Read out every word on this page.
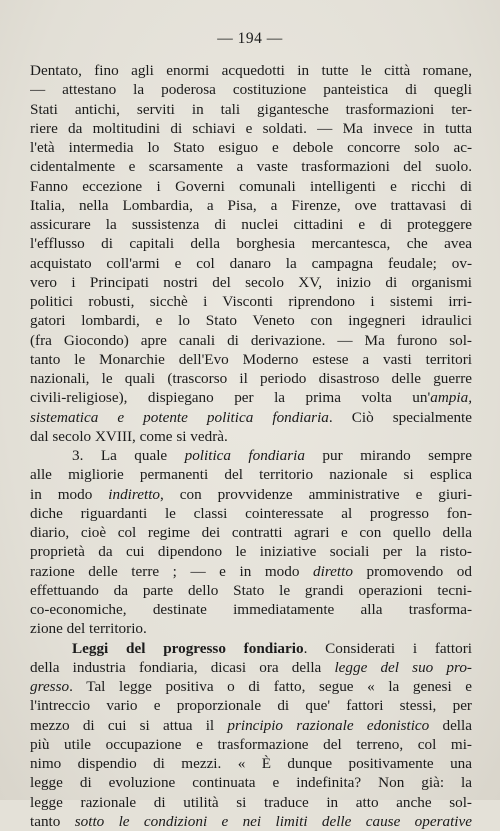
— 194 —
Dentato, fino agli enormi acquedotti in tutte le città romane,
— attestano la poderosa costituzione panteistica di quegli
Stati antichi, serviti in tali gigantesche trasformazioni ter-
riere da moltitudini di schiavi e soldati. — Ma invece in tutta
l'età intermedia lo Stato esiguo e debole concorre solo ac-
cidentalmente e scarsamente a vaste trasformazioni del suolo.
Fanno eccezione i Governi comunali intelligenti e ricchi di
Italia, nella Lombardia, a Pisa, a Firenze, ove trattavasi di
assicurare la sussistenza di nuclei cittadini e di proteggere
l'efflusso di capitali della borghesia mercantesca, che avea
acquistato coll'armi e col danaro la campagna feudale; ov-
vero i Principati nostri del secolo XV, inizio di organismi
politici robusti, sicchè i Visconti riprendono i sistemi irri-
gatori lombardi, e lo Stato Veneto con ingegneri idraulici
(fra Giocondo) apre canali di derivazione. — Ma furono sol-
tanto le Monarchie dell'Evo Moderno estese a vasti territori
nazionali, le quali (trascorso il periodo disastroso delle guerre
civili-religiose), dispiegano per la prima volta un'ampia,
sistematica e potente politica fondiaria. Ciò specialmente
dal secolo XVIII, come si vedrà.
3. La quale politica fondiaria pur mirando sempre
alle migliorie permanenti del territorio nazionale si esplica
in modo indiretto, con provvidenze amministrative e giuri-
diche riguardanti le classi cointeressate al progresso fon-
diario, cioè col regime dei contratti agrari e con quello della
proprietà da cui dipendono le iniziative sociali per la risto-
razione delle terre ; — e in modo diretto promovendo od
effettuando da parte dello Stato le grandi operazioni tecni-
co-economiche, destinate immediatamente alla trasforma-
zione del territorio.
Leggi del progresso fondiario. Considerati i fattori
della industria fondiaria, dicasi ora della legge del suo pro-
gresso. Tal legge positiva o di fatto, segue « la genesi e
l'intreccio vario e proporzionale di que' fattori stessi, per
mezzo di cui si attua il principio razionale edonistico della
più utile occupazione e trasformazione del terreno, col mi-
nimo dispendio di mezzi. « È dunque positivamente una
legge di evoluzione continuata e indefinita? Non già: la
legge razionale di utilità si traduce in atto anche sol-
tanto sotto le condizioni e nei limiti delle cause operative
